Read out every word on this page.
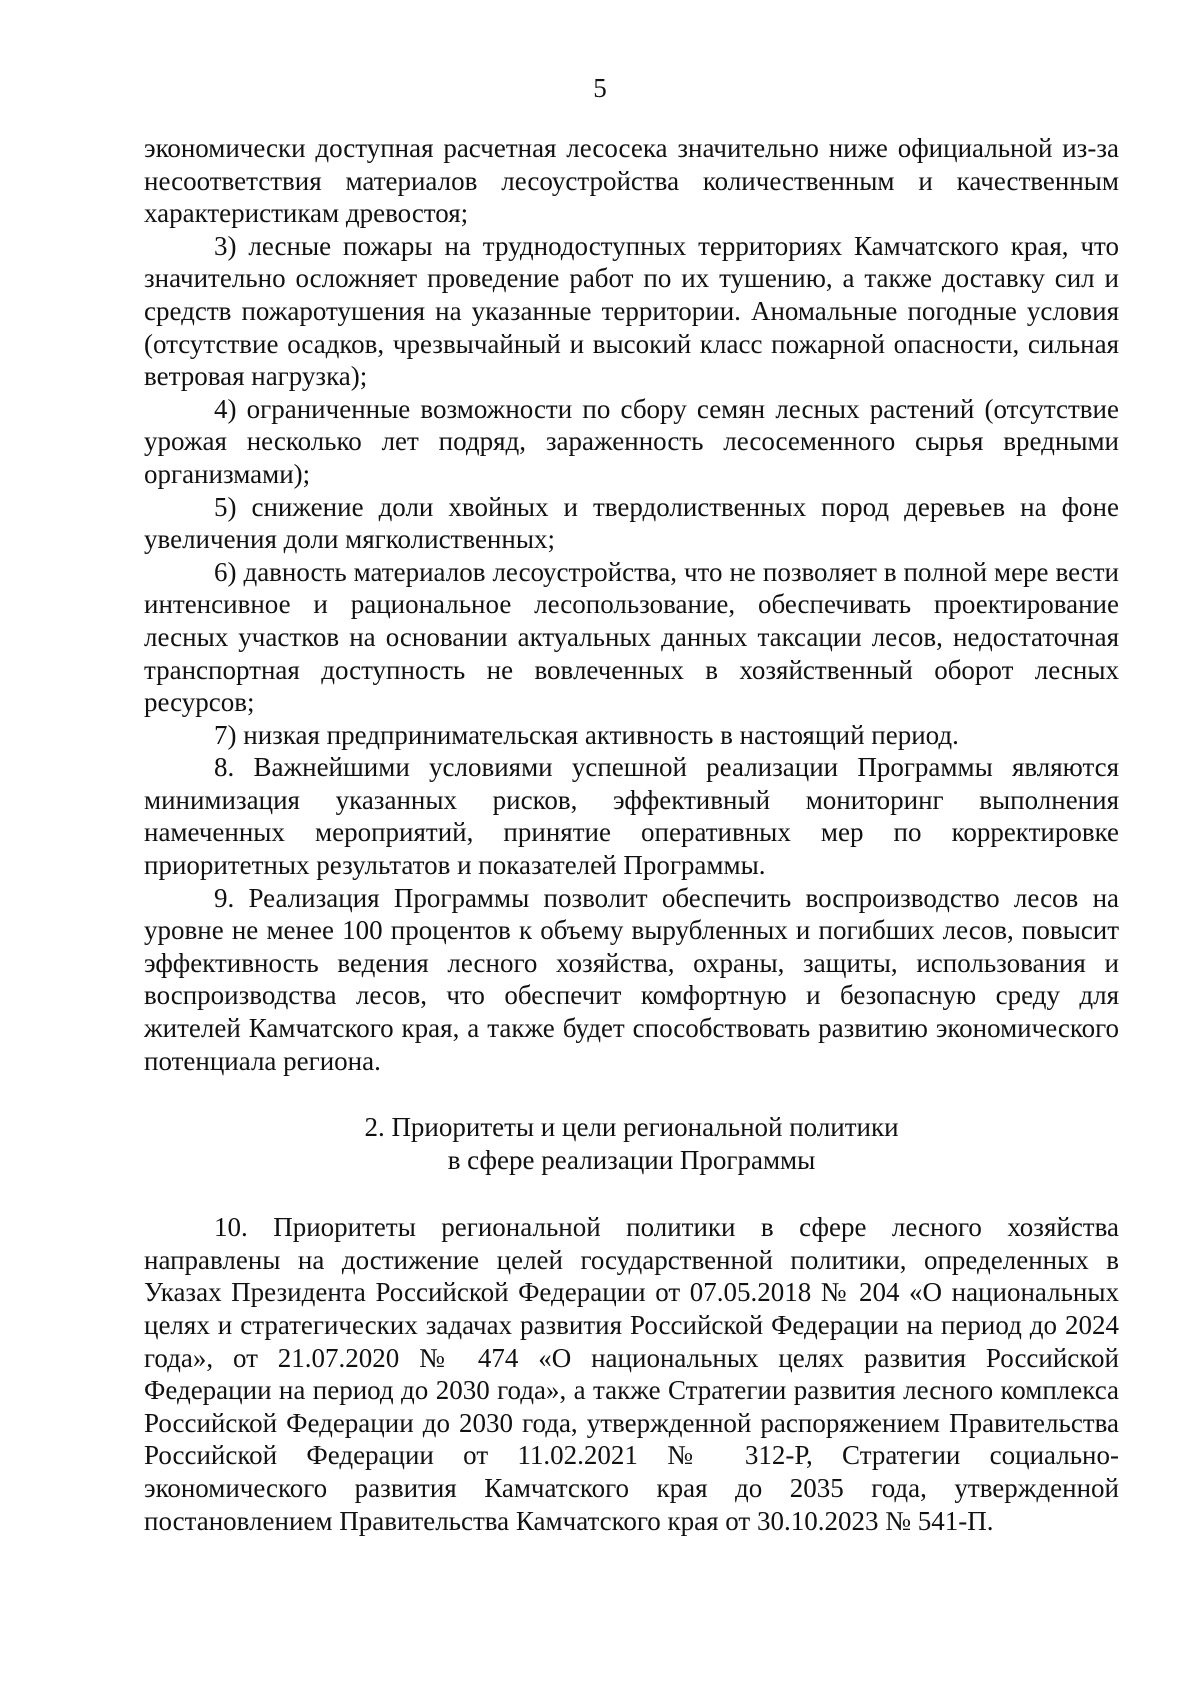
5

экономически доступная расчетная лесосека значительно ниже официальной из-за несоответствия материалов лесоустройства количественным и качественным характеристикам древостоя;

3) лесные пожары на труднодоступных территориях Камчатского края, что значительно осложняет проведение работ по их тушению, а также доставку сил и средств пожаротушения на указанные территории. Аномальные погодные условия (отсутствие осадков, чрезвычайный и высокий класс пожарной опасности, сильная ветровая нагрузка);

4) ограниченные возможности по сбору семян лесных растений (отсутствие урожая несколько лет подряд, зараженность лесосеменного сырья вредными организмами);

5) снижение доли хвойных и твердолиственных пород деревьев на фоне увеличения доли мягколиственных;

6) давность материалов лесоустройства, что не позволяет в полной мере вести интенсивное и рациональное лесопользование, обеспечивать проектирование лесных участков на основании актуальных данных таксации лесов, недостаточная транспортная доступность не вовлеченных в хозяйственный оборот лесных ресурсов;

7) низкая предпринимательская активность в настоящий период.

8. Важнейшими условиями успешной реализации Программы являются минимизация указанных рисков, эффективный мониторинг выполнения намеченных мероприятий, принятие оперативных мер по корректировке приоритетных результатов и показателей Программы.

9. Реализация Программы позволит обеспечить воспроизводство лесов на уровне не менее 100 процентов к объему вырубленных и погибших лесов, повысит эффективность ведения лесного хозяйства, охраны, защиты, использования и воспроизводства лесов, что обеспечит комфортную и безопасную среду для жителей Камчатского края, а также будет способствовать развитию экономического потенциала региона.

2. Приоритеты и цели региональной политики

в сфере реализации Программы

10. Приоритеты региональной политики в сфере лесного хозяйства направлены на достижение целей государственной политики, определенных в Указах Президента Российской Федерации от 07.05.2018 № 204 «О национальных целях и стратегических задачах развития Российской Федерации на период до 2024 года», от 21.07.2020 № 474 «О национальных целях развития Российской Федерации на период до 2030 года», а также Стратегии развития лесного комплекса Российской Федерации до 2030 года, утвержденной распоряжением Правительства Российской Федерации от 11.02.2021 № 312-Р, Стратегии социально-экономического развития Камчатского края до 2035 года, утвержденной постановлением Правительства Камчатского края от 30.10.2023 № 541-П.
